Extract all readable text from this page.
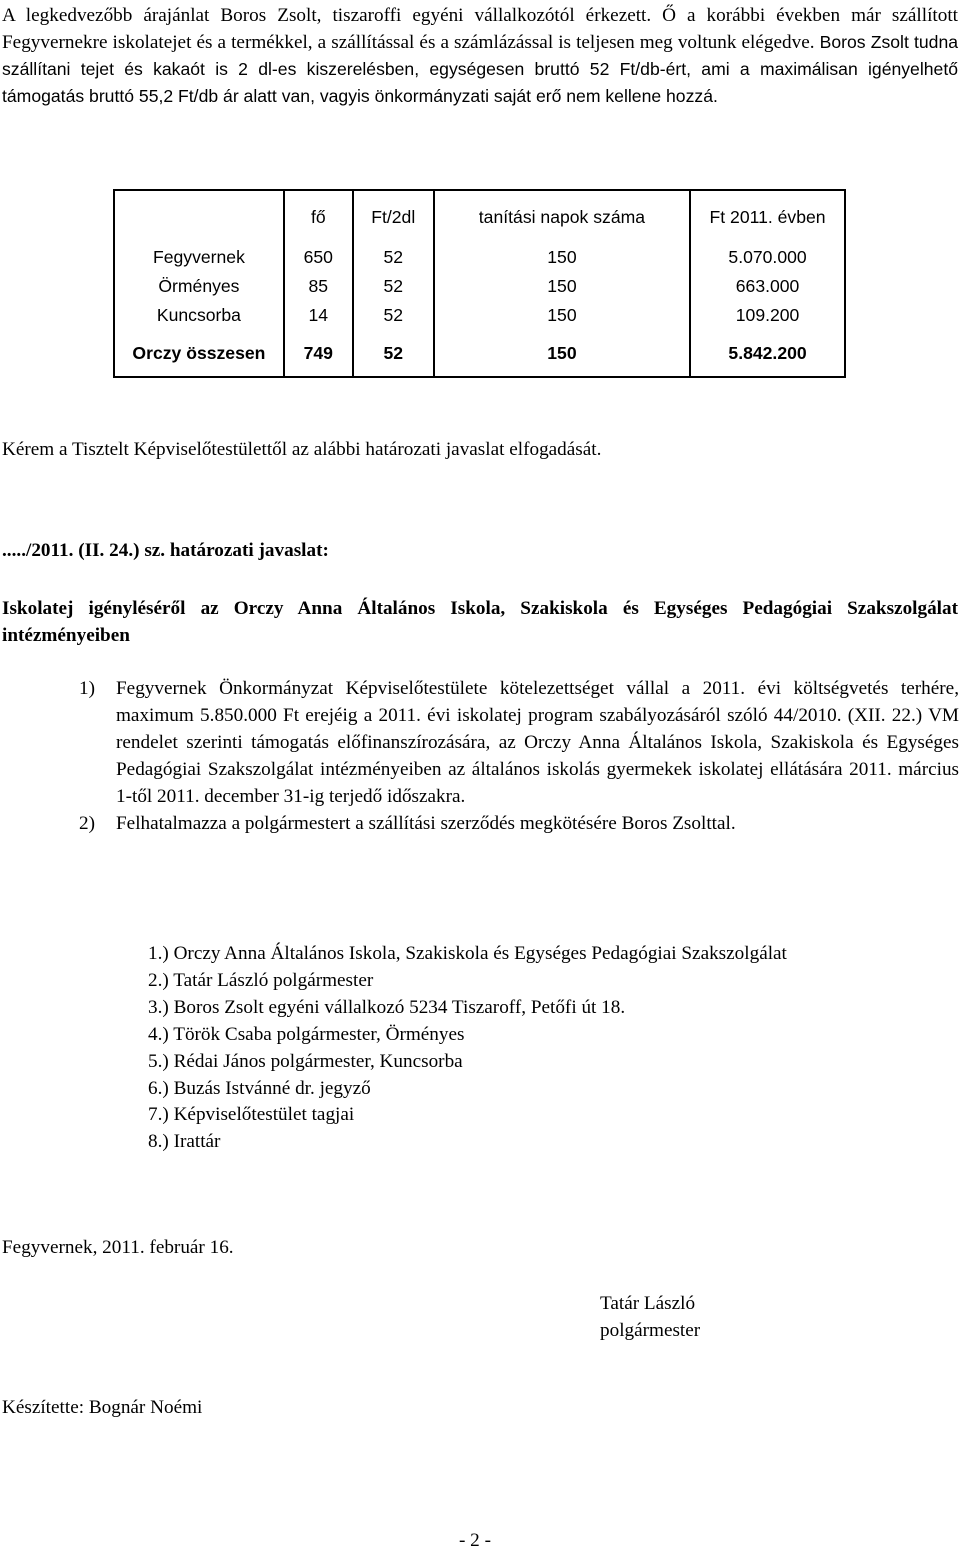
A legkedvezőbb árajánlat Boros Zsolt, tiszaroffi egyéni vállalkozótól érkezett. Ő a korábbi években már szállított Fegyvernekre iskolatejet és a termékkel, a szállítással és a számlázással is teljesen meg voltunk elégedve. Boros Zsolt tudna szállítani tejet és kakaót is 2 dl-es kiszerelésben, egységesen bruttó 52 Ft/db-ért, ami a maximálisan igényelhető támogatás bruttó 55,2 Ft/db ár alatt van, vagyis önkormányzati saját erő nem kellene hozzá.

	fő	Ft/2dl	tanítási napok száma	Ft 2011. évben
Fegyvernek	650	52	150	5.070.000
Örményes	85	52	150	663.000
Kuncsorba	14	52	150	109.200
Orczy összesen	749	52	150	5.842.200
Kérem a Tisztelt Képviselőtestülettől az alábbi határozati javaslat elfogadását.
...../2011. (II. 24.) sz. határozati javaslat:

Iskolatej igényléséről az Orczy Anna Általános Iskola, Szakiskola és Egységes Pedagógiai Szakszolgálat intézményeiben

1) Fegyvernek Önkormányzat Képviselőtestülete kötelezettséget vállal a 2011. évi költségvetés terhére, maximum 5.850.000 Ft erejéig a 2011. évi iskolatej program szabályozásáról szóló 44/2010. (XII. 22.) VM rendelet szerinti támogatás előfinanszírozására, az Orczy Anna Általános Iskola, Szakiskola és Egységes Pedagógiai Szakszolgálat intézményeiben az általános iskolás gyermekek iskolatej ellátására 2011. március 1-től 2011. december 31-ig terjedő időszakra.
2) Felhatalmazza a polgármestert a szállítási szerződés megkötésére Boros Zsolttal.
1.) Orczy Anna Általános Iskola, Szakiskola és Egységes Pedagógiai Szakszolgálat
2.) Tatár László polgármester
3.) Boros Zsolt egyéni vállalkozó 5234 Tiszaroff, Petőfi út 18.
4.) Török Csaba polgármester, Örményes
5.) Rédai János polgármester, Kuncsorba
6.) Buzás Istvánné dr. jegyző
7.) Képviselőtestület tagjai
8.) Irattár
Fegyvernek, 2011. február 16.
Tatár László
polgármester
Készítette: Bognár Noémi
- 2 -
